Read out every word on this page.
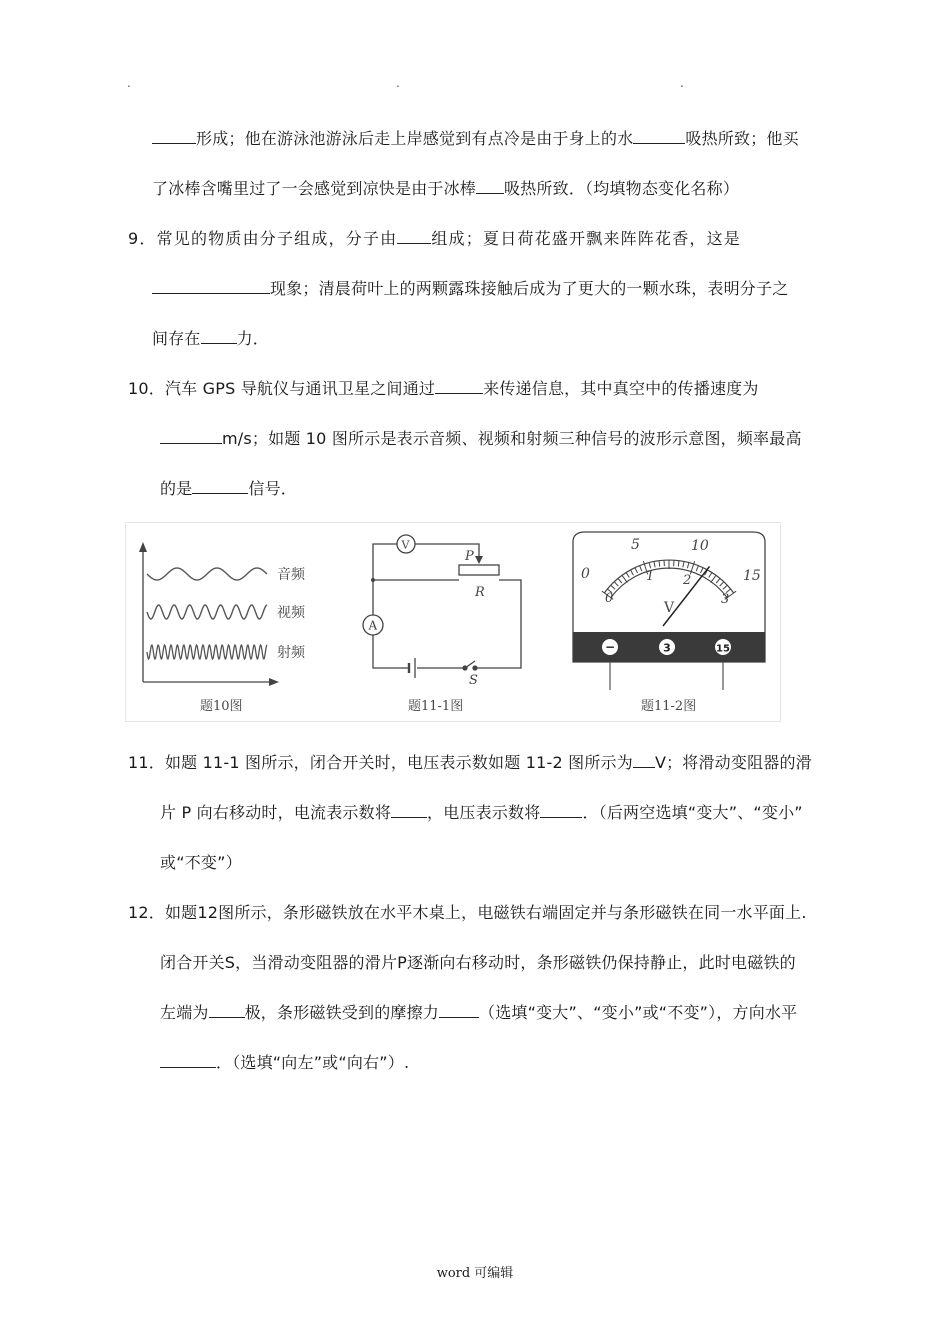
.	.	.
形成；他在游泳池游泳后走上岸感觉到有点冷是由于身上的水	吸热所致；他买
了冰棒含嘴里过了一会感觉到凉快是由于冰棒 吸热所致．（均填物态变化名称）
9．常见的物质由分子组成，分子由 组成；夏日荷花盛开飘来阵阵花香，这是
现象；清晨荷叶上的两颗露珠接触后成为了更大的一颗水珠，表明分子之
间存在 力．
10．汽车 GPS 导航仪与通讯卫星之间通过	来传递信息，其中真空中的传播速度为
m/s；如题 10 图所示是表示音频、视频和射频三种信号的波形示意图，频率最高
的是	信号．
音频
视频
射频
题10图
V
A
P
R
S
题11-1图
0
5	10
15
0
1 2
3
V
−	3	15
题11-2图
11．如题 11-1 图所示，闭合开关时，电压表示数如题 11-2 图所示为 V；将滑动变阻器的滑
片 P 向右移动时，电流表示数将 ，电压表示数将	．（后两空选填“变大”、“变小”
或“不变”）
12．如题12图所示，条形磁铁放在水平木桌上，电磁铁右端固定并与条形磁铁在同一水平面上.
闭合开关S，当滑动变阻器的滑片P逐渐向右移动时，条形磁铁仍保持静止，此时电磁铁的
左端为 极，条形磁铁受到的摩擦力	（选填“变大”、“变小”或“不变”），方向水平
．（选填“向左”或“向右”）.
word 可编辑
